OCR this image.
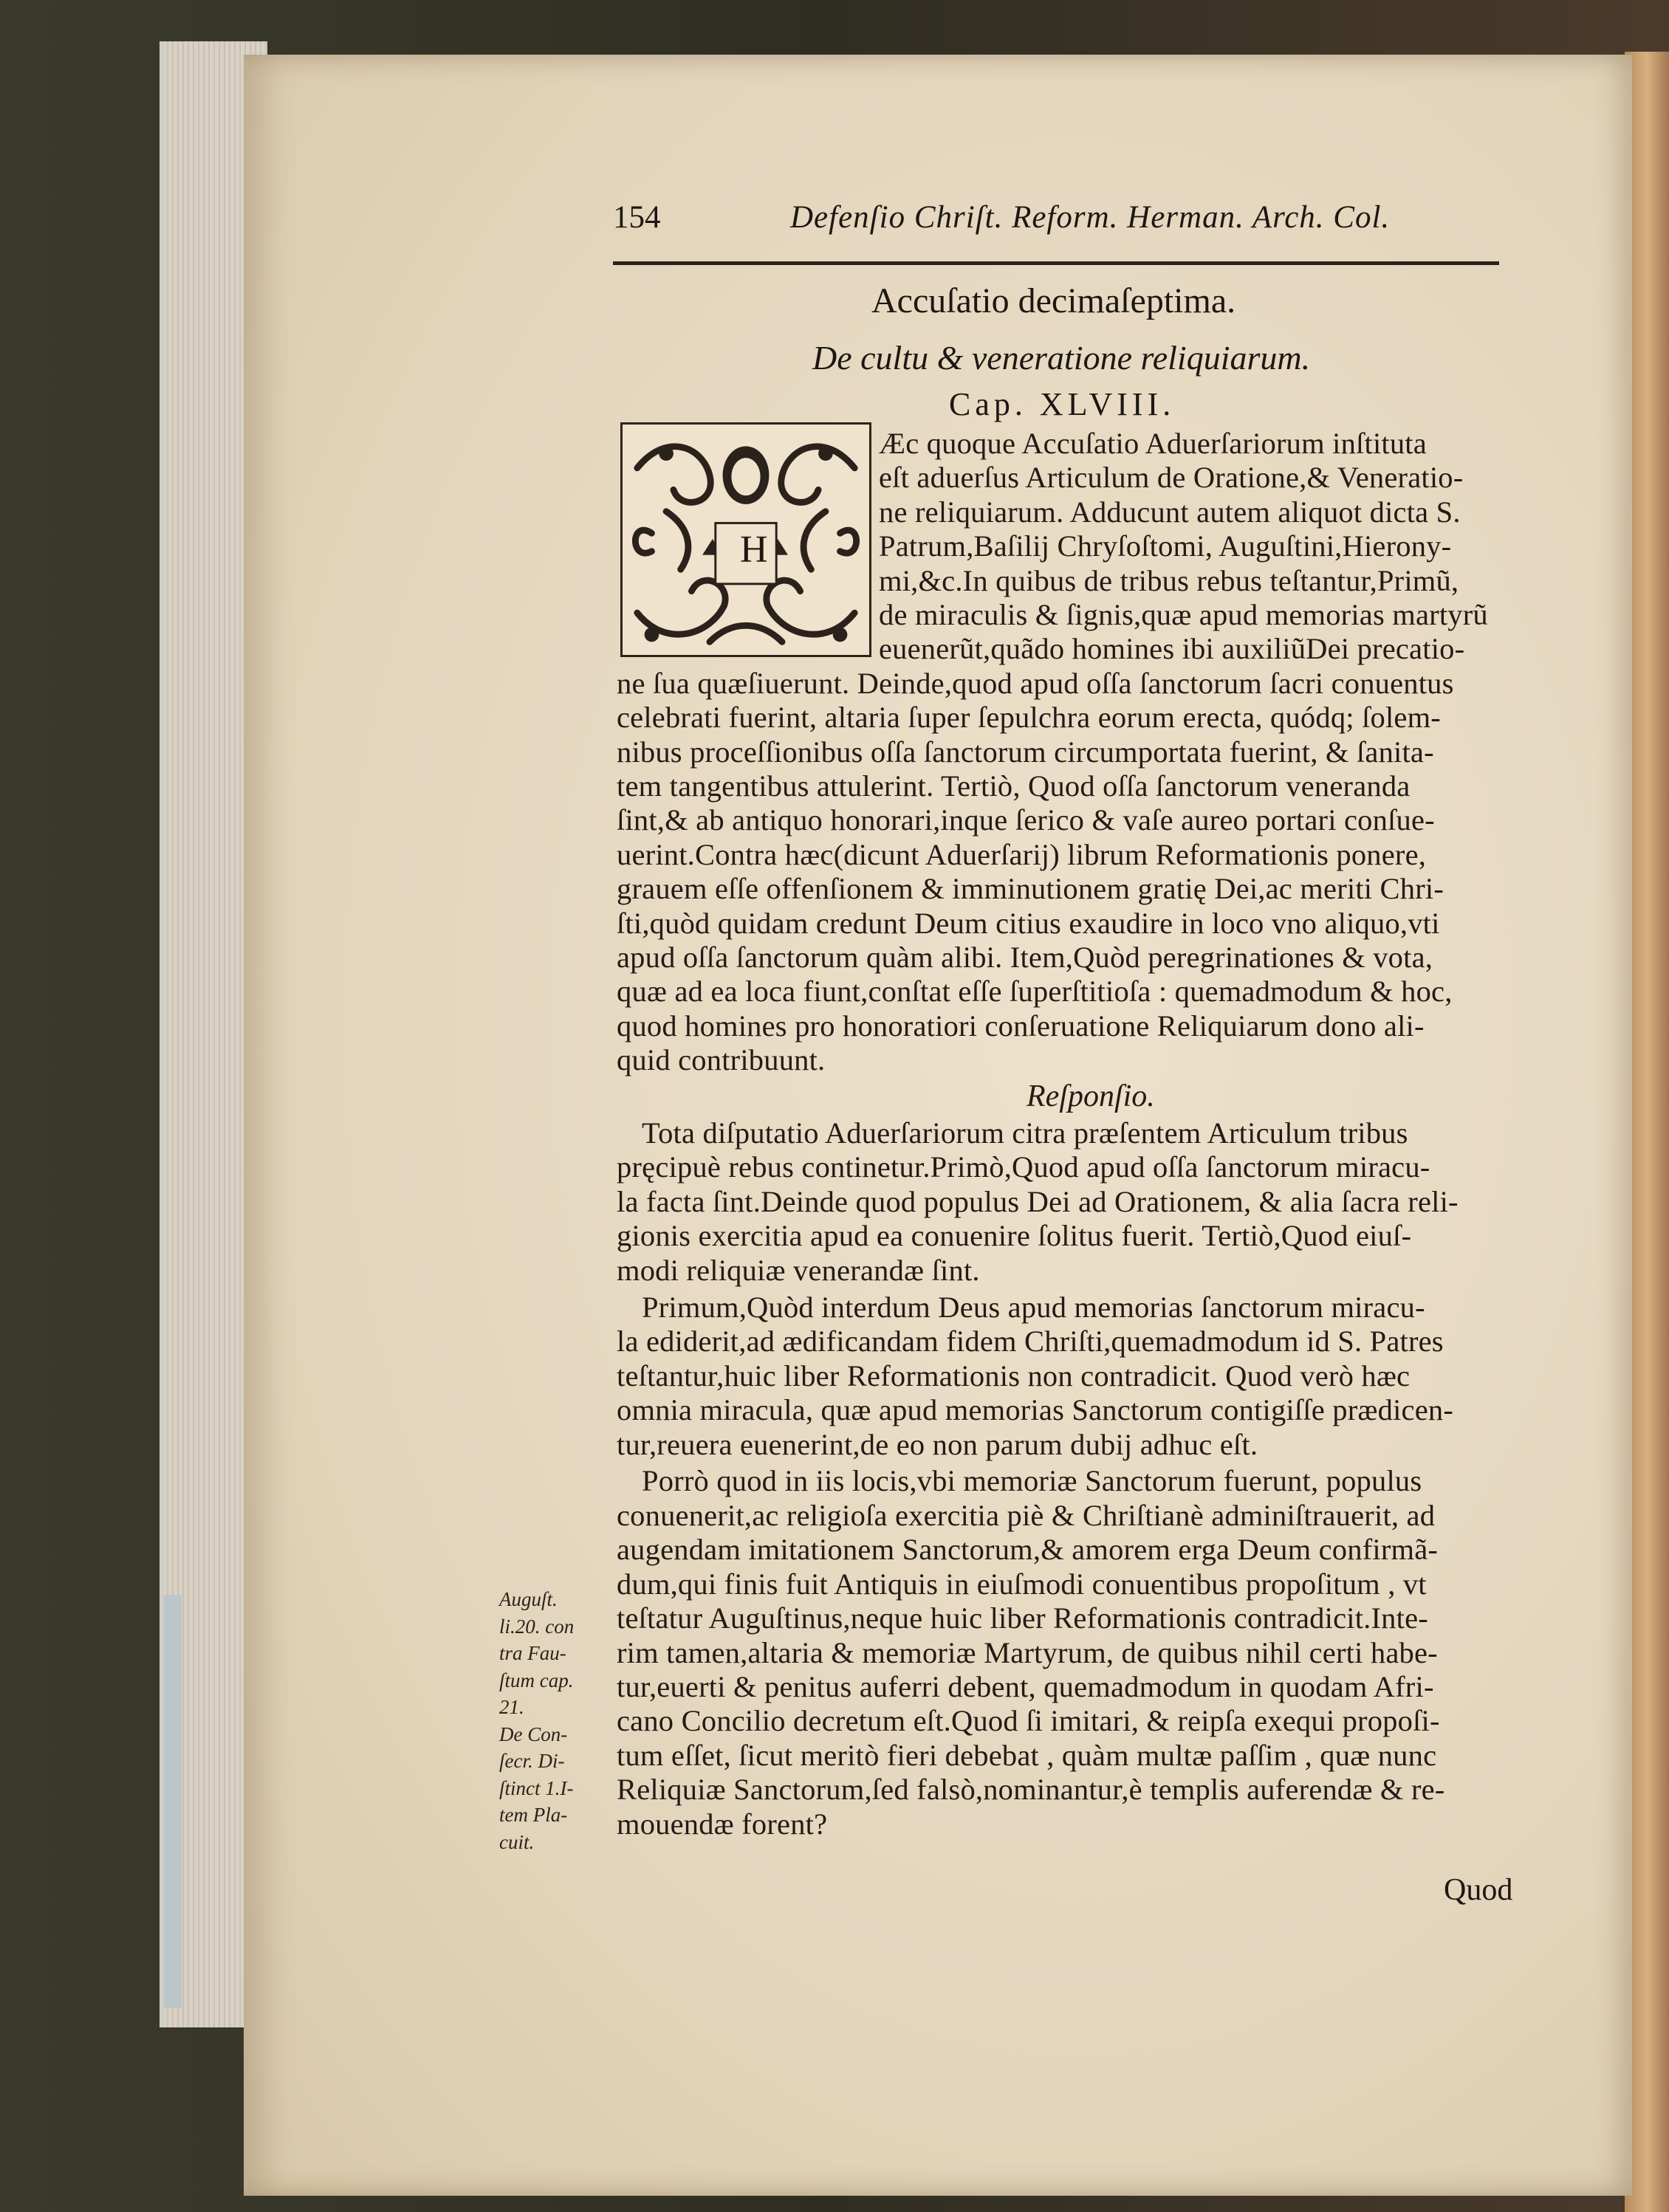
154	Defenſio Chriſt. Reform. Herman. Arch. Col.
Accuſatio decimaſeptima.
De cultu & veneratione reliquiarum.
Cap. XLVIII.
H
Æc quoque Accuſatio Aduerſariorum inſtituta
eſt aduerſus Articulum de Oratione,& Veneratio-
ne reliquiarum. Adducunt autem aliquot dicta S.
Patrum,Baſilij Chryſoſtomi, Auguſtini,Hierony-
mi,&c.In quibus de tribus rebus teſtantur,Primũ,
de miraculis & ſignis,quæ apud memorias martyrũ
euenerũt,quãdo homines ibi auxiliũDei precatio-
ne ſua quæſiuerunt. Deinde,quod apud oſſa ſanctorum ſacri conuentus
celebrati fuerint, altaria ſuper ſepulchra eorum erecta, quódq; ſolem-
nibus proceſſionibus oſſa ſanctorum circumportata fuerint, & ſanita-
tem tangentibus attulerint. Tertiò, Quod oſſa ſanctorum veneranda
ſint,& ab antiquo honorari,inque ſerico & vaſe aureo portari conſue-
uerint.Contra hæc(dicunt Aduerſarij) librum Reformationis ponere,
grauem eſſe offenſionem & imminutionem gratię Dei,ac meriti Chri-
ſti,quòd quidam credunt Deum citius exaudire in loco vno aliquo,vti
apud oſſa ſanctorum quàm alibi. Item,Quòd peregrinationes & vota,
quæ ad ea loca fiunt,conſtat eſſe ſuperſtitioſa : quemadmodum & hoc,
quod homines pro honoratiori conſeruatione Reliquiarum dono ali-
quid contribuunt.
Reſponſio.
Tota diſputatio Aduerſariorum citra præſentem Articulum tribus
pręcipuè rebus continetur.Primò,Quod apud oſſa ſanctorum miracu-
la facta ſint.Deinde quod populus Dei ad Orationem, & alia ſacra reli-
gionis exercitia apud ea conuenire ſolitus fuerit. Tertiò,Quod eiuſ-
modi reliquiæ venerandæ ſint.
Primum,Quòd interdum Deus apud memorias ſanctorum miracu-
la ediderit,ad ædificandam fidem Chriſti,quemadmodum id S. Patres
teſtantur,huic liber Reformationis non contradicit. Quod verò hæc
omnia miracula, quæ apud memorias Sanctorum contigiſſe prædicen-
tur,reuera euenerint,de eo non parum dubij adhuc eſt.
Porrò quod in iis locis,vbi memoriæ Sanctorum fuerunt, populus
conuenerit,ac religioſa exercitia piè & Chriſtianè adminiſtrauerit, ad
augendam imitationem Sanctorum,& amorem erga Deum confirmã-
dum,qui finis fuit Antiquis in eiuſmodi conuentibus propoſitum , vt
teſtatur Auguſtinus,neque huic liber Reformationis contradicit.Inte-
rim tamen,altaria & memoriæ Martyrum, de quibus nihil certi habe-
tur,euerti & penitus auferri debent, quemadmodum in quodam Afri-
cano Concilio decretum eſt.Quod ſi imitari, & reipſa exequi propoſi-
tum eſſet, ſicut meritò fieri debebat , quàm multæ paſſim , quæ nunc
Reliquiæ Sanctorum,ſed falsò,nominantur,è templis auferendæ & re-
mouendæ forent?
Auguſt.
li.20. con
tra Fau-
ſtum cap.
21.
De Con-
ſecr. Di-
ſtinct 1.I-
tem Pla-
cuit.
Quod
